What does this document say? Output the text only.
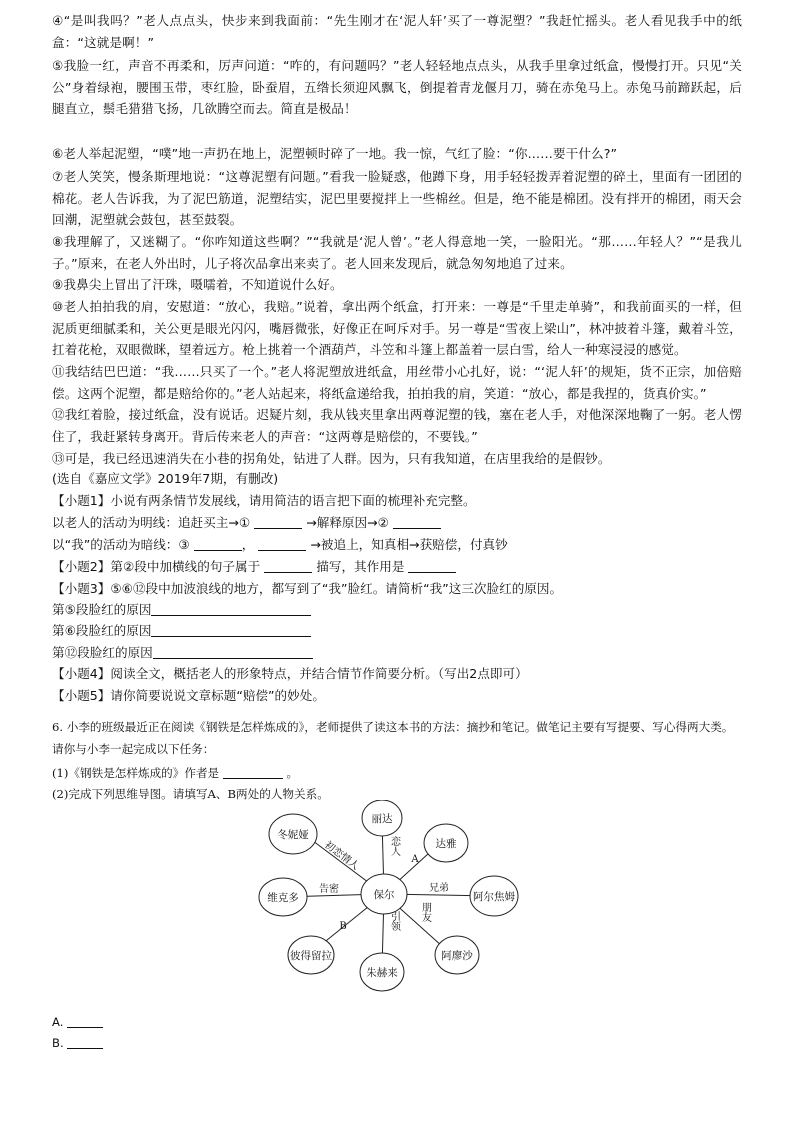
④“是叫我吗？”老人点点头，快步来到我面前：“先生刚才在‘泥人轩’买了一尊泥塑？”我赶忙摇头。老人看见我手中的纸盒：“这就是啊！”
⑤我脸一红，声音不再柔和，厉声问道：“咋的，有问题吗？”老人轻轻地点点头，从我手里拿过纸盒，慢慢打开。只见“关公”身着绿袍，腰围玉带，枣红脸，卧蚕眉，五绺长须迎风飘飞，倒提着青龙偃月刀，骑在赤兔马上。赤兔马前蹄跃起，后腿直立，鬃毛猎猎飞扬，几欲腾空而去。简直是极品！
⑥老人举起泥塑，“噗”地一声扔在地上，泥塑顿时碎了一地。我一惊，气红了脸：“你……要干什么?”
⑦老人笑笑，慢条斯理地说：“这尊泥塑有问题。”看我一脸疑惑，他蹲下身，用手轻轻拨弄着泥塑的碎土，里面有一团团的棉花。老人告诉我，为了泥巴筋道，泥塑结实，泥巴里要搅拌上一些棉丝。但是，绝不能是棉团。没有拌开的棉团，雨天会回潮，泥塑就会鼓包，甚至鼓裂。
⑧我理解了，又迷糊了。“你咋知道这些啊？”“我就是‘泥人曾’。”老人得意地一笑，一脸阳光。“那……年轻人？”“是我儿子。”原来，在老人外出时，儿子将次品拿出来卖了。老人回来发现后，就急匆匆地追了过来。
⑨我鼻尖上冒出了汗珠，嗫嚅着，不知道说什么好。
⑩老人拍拍我的肩，安慰道：“放心，我赔。”说着，拿出两个纸盒，打开来：一尊是“千里走单骑”，和我前面买的一样，但泥质更细腻柔和，关公更是眼光闪闪，嘴唇微张，好像正在呵斥对手。另一尊是“雪夜上梁山”，林冲披着斗篷，戴着斗笠，扛着花枪，双眼微眯，望着远方。枪上挑着一个酒葫芦，斗笠和斗篷上都盖着一层白雪，给人一种寒浸浸的感觉。
⑪我结结巴巴道：“我……只买了一个。”老人将泥塑放进纸盒，用丝带小心扎好，说：“‘泥人轩’的规矩，货不正宗，加倍赔偿。这两个泥塑，都是赔给你的。”老人站起来，将纸盒递给我，拍拍我的肩，笑道：“放心，都是我捏的，货真价实。”
⑫我红着脸，接过纸盒，没有说话。迟疑片刻，我从钱夹里拿出两尊泥塑的钱，塞在老人手，对他深深地鞠了一躬。老人愣住了，我赶紧转身离开。背后传来老人的声音：“这两尊是赔偿的，不要钱。”
⑬可是，我已经迅速消失在小巷的拐角处，钻进了人群。因为，只有我知道，在店里我给的是假钞。
(选自《嘉应文学》2019年7期，有删改)
【小题1】小说有两条情节发展线，请用简洁的语言把下面的梳理补充完整。
以老人的活动为明线：追赶买主→①	→解释原因→②
以“我”的活动为暗线：③	，	→被追上，知真相→获赔偿，付真钞
【小题2】第②段中加横线的句子属于	描写，其作用是
【小题3】⑤⑥⑫段中加波浪线的地方，都写到了“我”脸红。请简析“我”这三次脸红的原因。
第⑤段脸红的原因
第⑥段脸红的原因
第⑫段脸红的原因
【小题4】阅读全文，概括老人的形象特点，并结合情节作简要分析。（写出2点即可）
【小题5】请你简要说说文章标题“赔偿”的妙处。
6. 小李的班级最近正在阅读《钢铁是怎样炼成的》，老师提供了读这本书的方法：摘抄和笔记。做笔记主要有写提要、写心得两大类。请你与小李一起完成以下任务：
(1)《钢铁是怎样炼成的》作者是	。
(2)完成下列思维导图。请填写A、B两处的人物关系。
保尔
丽达
冬妮娅
达雅
维克多	阿尔焦姆
彼得留拉
朱赫来
阿廖沙
初恋情人	恋人
A
告密	兄弟
B	引领 朋友
A.
B.
